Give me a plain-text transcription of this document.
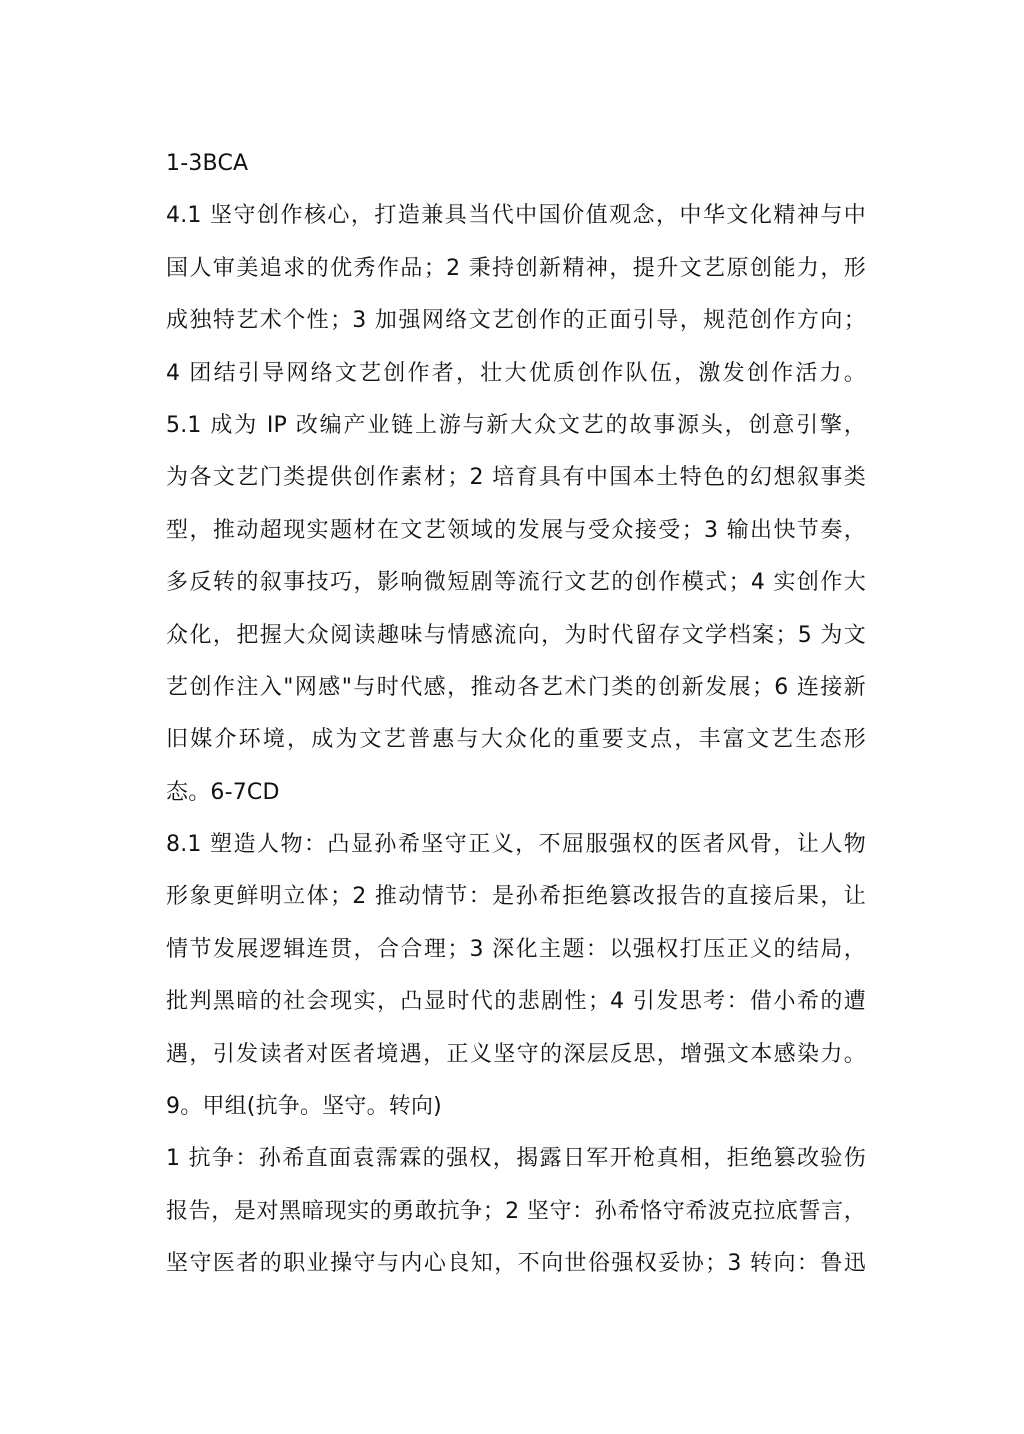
1-3BCA
4.1 坚守创作核心，打造兼具当代中国价值观念，中华文化精神与中
国人审美追求的优秀作品；2 秉持创新精神，提升文艺原创能力，形
成独特艺术个性；3 加强网络文艺创作的正面引导，规范创作方向；
4 团结引导网络文艺创作者，壮大优质创作队伍，激发创作活力。
5.1 成为 IP 改编产业链上游与新大众文艺的故事源头，创意引擎，
为各文艺门类提供创作素材；2 培育具有中国本土特色的幻想叙事类
型，推动超现实题材在文艺领域的发展与受众接受；3 输出快节奏，
多反转的叙事技巧，影响微短剧等流行文艺的创作模式；4 实创作大
众化，把握大众阅读趣味与情感流向，为时代留存文学档案；5 为文
艺创作注入"网感"与时代感，推动各艺术门类的创新发展；6 连接新
旧媒介环境，成为文艺普惠与大众化的重要支点，丰富文艺生态形
态。6-7CD
8.1 塑造人物：凸显孙希坚守正义，不屈服强权的医者风骨，让人物
形象更鲜明立体；2 推动情节：是孙希拒绝篡改报告的直接后果，让
情节发展逻辑连贯，合合理；3 深化主题：以强权打压正义的结局，
批判黑暗的社会现实，凸显时代的悲剧性；4 引发思考：借小希的遭
遇，引发读者对医者境遇，正义坚守的深层反思，增强文本感染力。
9。甲组(抗争。坚守。转向)
1 抗争：孙希直面袁霈霖的强权，揭露日军开枪真相，拒绝篡改验伤
报告，是对黑暗现实的勇敢抗争；2 坚守：孙希恪守希波克拉底誓言，
坚守医者的职业操守与内心良知，不向世俗强权妥协；3 转向：鲁迅
